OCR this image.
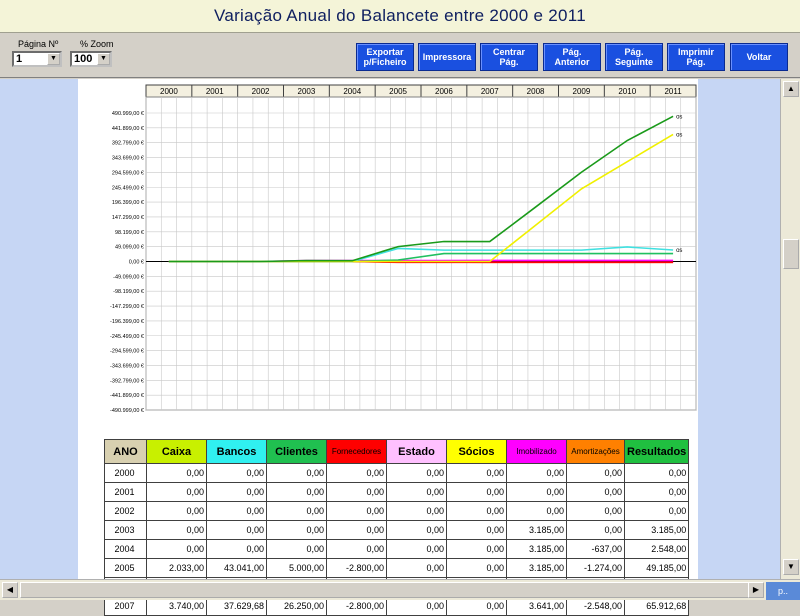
Variação Anual do Balancete entre 2000 e 2011
Página Nº
1	▼
% Zoom
100	▼
Exportar
p/Ficheiro Impressora Centrar
Pág.
Pág.
Anterior
Pág.
Seguinte
Imprimir
Pág.	Voltar
2000	2001	2002	2003	2004	2005	2006	2007	2008	2009	2010	2011
490.999,00 €
441.899,00 €
392.799,00 €
343.699,00 €
294.599,00 €
245.499,00 €
196.399,00 €
147.299,00 €
98.199,00 €
49.099,00 €
0,00 €
-49.099,00 €
-98.199,00 €
-147.299,00 €
-196.399,00 €
-245.499,00 €
-294.599,00 €
-343.699,00 €
-392.799,00 €
-441.899,00 €
-490.999,00 €
os
os
os
ANO	Caixa	Bancos	Clientes	Fornecedores	Estado	Sócios	Imobilizado	Amortizações	Resultados
2000	0,00	0,00	0,00	0,00	0,00	0,00	0,00	0,00	0,00
2001	0,00	0,00	0,00	0,00	0,00	0,00	0,00	0,00	0,00
2002	0,00	0,00	0,00	0,00	0,00	0,00	0,00	0,00	0,00
2003	0,00	0,00	0,00	0,00	0,00	0,00	3.185,00	0,00	3.185,00
2004	0,00	0,00	0,00	0,00	0,00	0,00	3.185,00	-637,00	2.548,00
2005	2.033,00	43.041,00	5.000,00	-2.800,00	0,00	0,00	3.185,00	-1.274,00	49.185,00

2007	3.740,00	37.629,68	26.250,00	-2.800,00	0,00	0,00	3.641,00	-2.548,00	65.912,68
▲
▼
◀	▶	p..
